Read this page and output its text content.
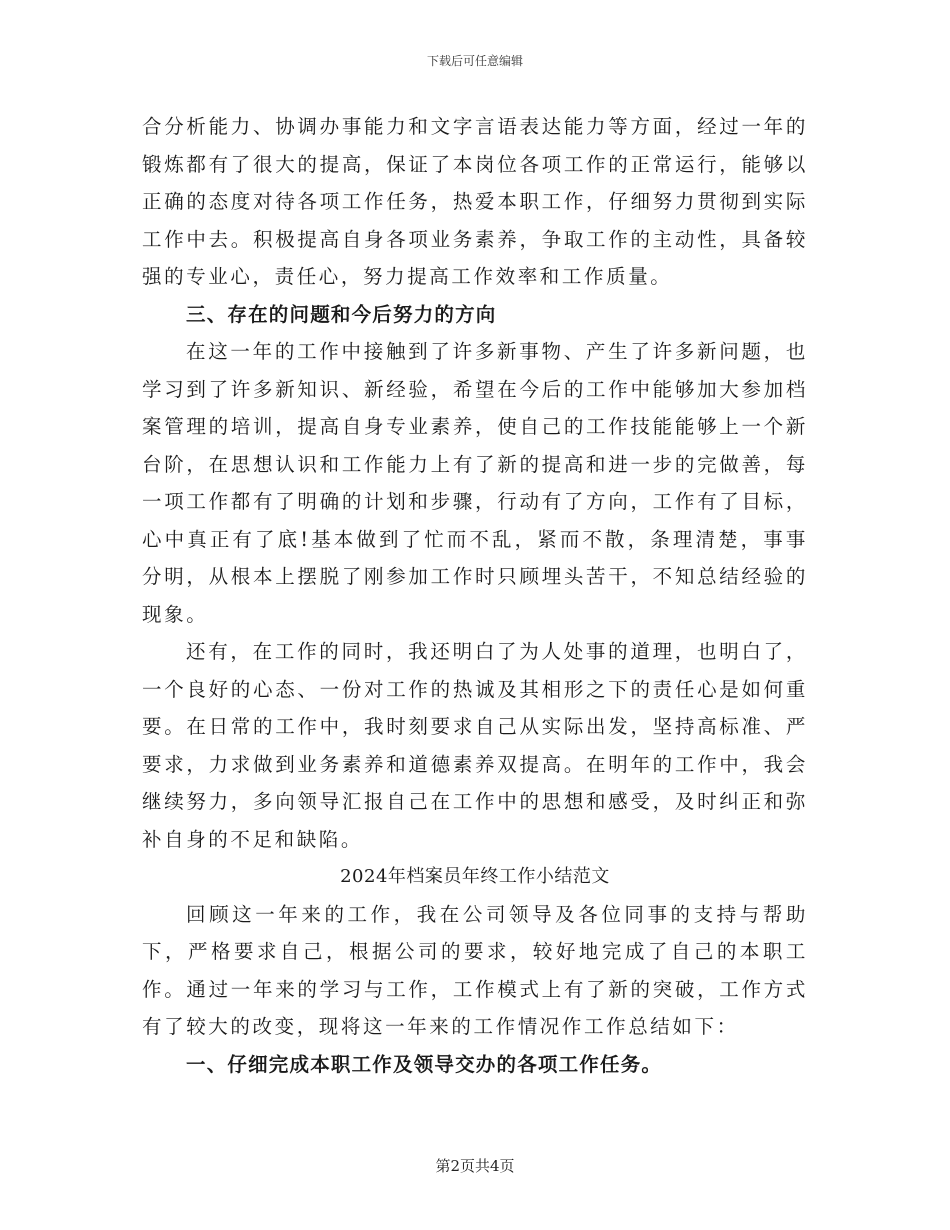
下载后可任意编辑

合分析能力、协调办事能力和文字言语表达能力等方面，经过一年的锻炼都有了很大的提高，保证了本岗位各项工作的正常运行，能够以正确的态度对待各项工作任务，热爱本职工作，仔细努力贯彻到实际工作中去。积极提高自身各项业务素养，争取工作的主动性，具备较强的专业心，责任心，努力提高工作效率和工作质量。

三、存在的问题和今后努力的方向

在这一年的工作中接触到了许多新事物、产生了许多新问题，也学习到了许多新知识、新经验，希望在今后的工作中能够加大参加档案管理的培训，提高自身专业素养，使自己的工作技能能够上一个新台阶，在思想认识和工作能力上有了新的提高和进一步的完做善，每一项工作都有了明确的计划和步骤，行动有了方向，工作有了目标，心中真正有了底!基本做到了忙而不乱，紧而不散，条理清楚，事事分明，从根本上摆脱了刚参加工作时只顾埋头苦干，不知总结经验的现象。

还有，在工作的同时，我还明白了为人处事的道理，也明白了，一个良好的心态、一份对工作的热诚及其相形之下的责任心是如何重要。在日常的工作中，我时刻要求自己从实际出发，坚持高标准、严要求，力求做到业务素养和道德素养双提高。在明年的工作中，我会继续努力，多向领导汇报自己在工作中的思想和感受，及时纠正和弥补自身的不足和缺陷。

2024年档案员年终工作小结范文

回顾这一年来的工作，我在公司领导及各位同事的支持与帮助下，严格要求自己，根据公司的要求，较好地完成了自己的本职工作。通过一年来的学习与工作，工作模式上有了新的突破，工作方式有了较大的改变，现将这一年来的工作情况作工作总结如下：

一、仔细完成本职工作及领导交办的各项工作任务。

第2页共4页
